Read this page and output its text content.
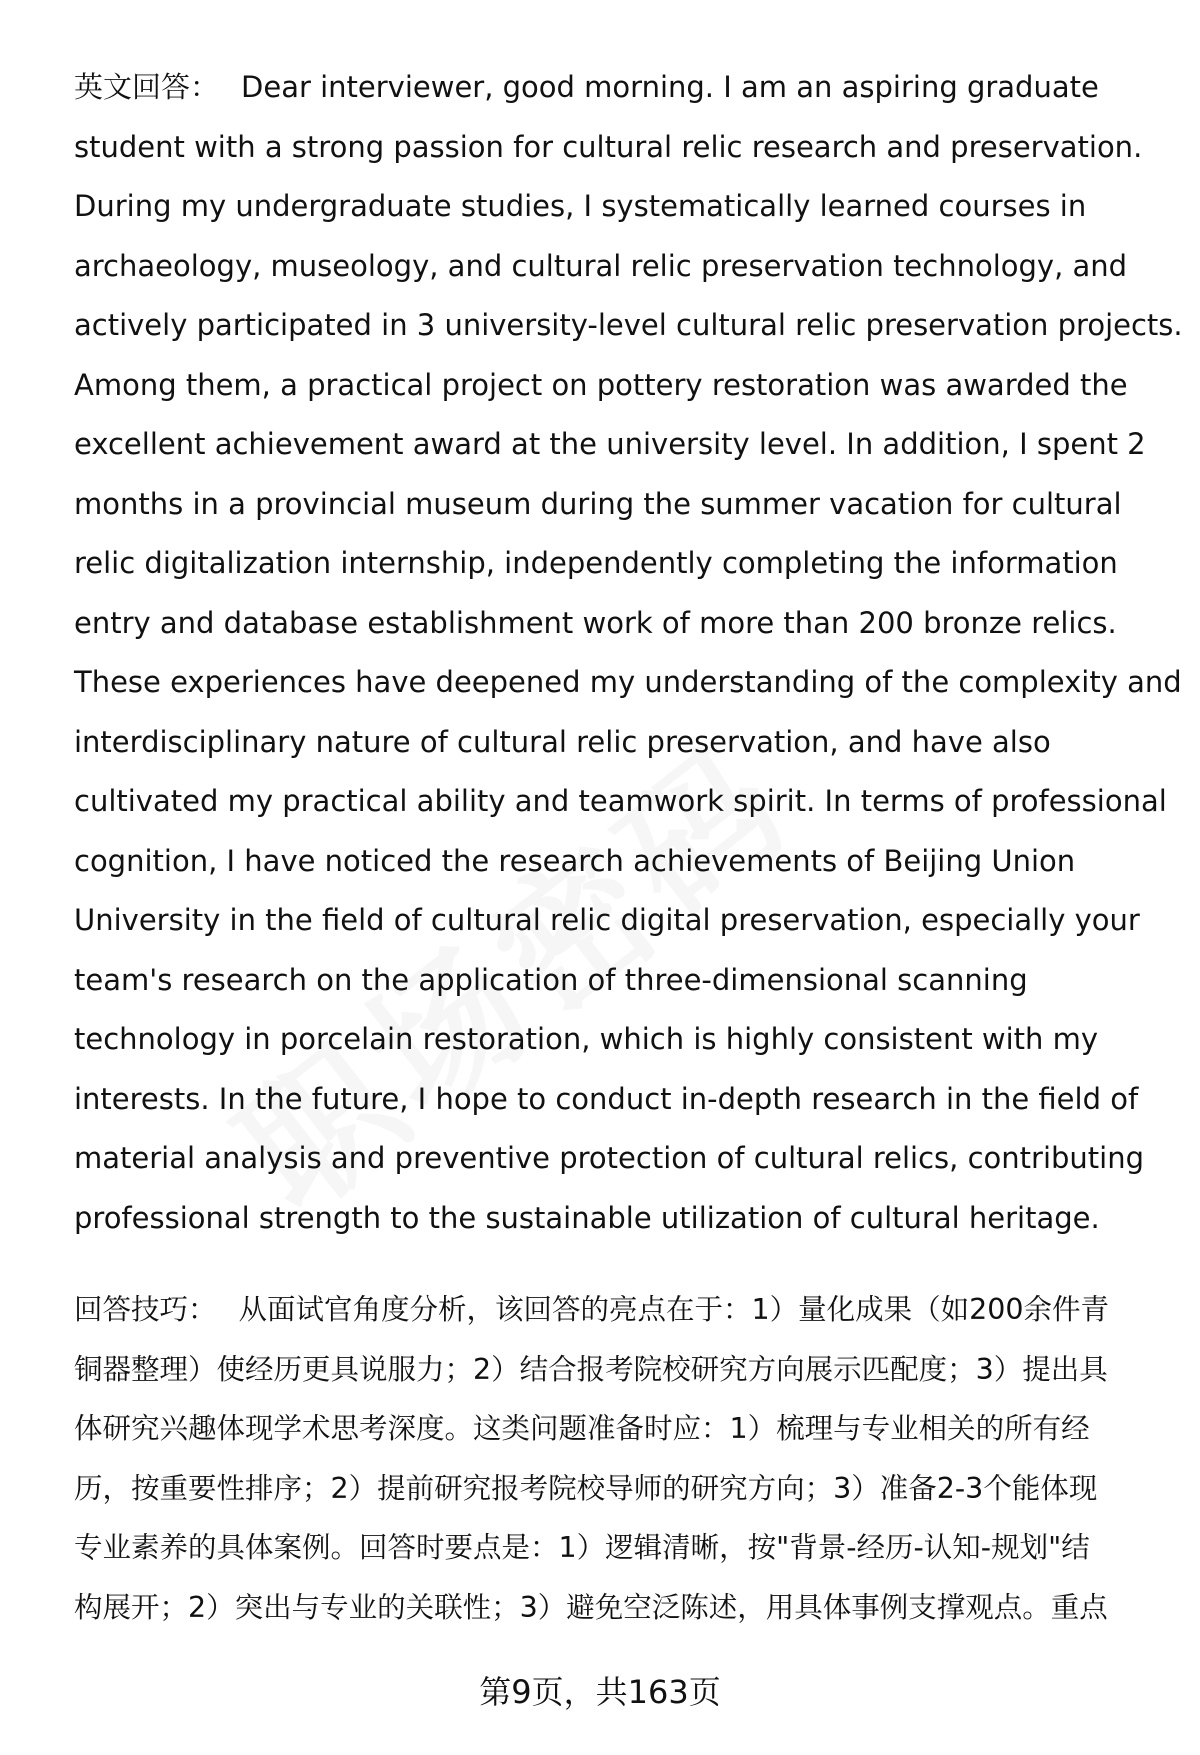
英文回答： Dear interviewer, good morning. I am an aspiring graduate
student with a strong passion for cultural relic research and preservation.
During my undergraduate studies, I systematically learned courses in
archaeology, museology, and cultural relic preservation technology, and
actively participated in 3 university-level cultural relic preservation projects.
Among them, a practical project on pottery restoration was awarded the
excellent achievement award at the university level. In addition, I spent 2
months in a provincial museum during the summer vacation for cultural
relic digitalization internship, independently completing the information
entry and database establishment work of more than 200 bronze relics.
These experiences have deepened my understanding of the complexity and
interdisciplinary nature of cultural relic preservation, and have also
cultivated my practical ability and teamwork spirit. In terms of professional
cognition, I have noticed the research achievements of Beijing Union
University in the field of cultural relic digital preservation, especially your
team's research on the application of three-dimensional scanning
technology in porcelain restoration, which is highly consistent with my
interests. In the future, I hope to conduct in-depth research in the field of
material analysis and preventive protection of cultural relics, contributing
professional strength to the sustainable utilization of cultural heritage.
回答技巧： 从面试官角度分析，该回答的亮点在于：1）量化成果（如200余件青
铜器整理）使经历更具说服力；2）结合报考院校研究方向展示匹配度；3）提出具
体研究兴趣体现学术思考深度。这类问题准备时应：1）梳理与专业相关的所有经
历，按重要性排序；2）提前研究报考院校导师的研究方向；3）准备2-3个能体现
专业素养的具体案例。回答时要点是：1）逻辑清晰，按"背景-经历-认知-规划"结
构展开；2）突出与专业的关联性；3）避免空泛陈述，用具体事例支撑观点。重点
第9页，共163页
